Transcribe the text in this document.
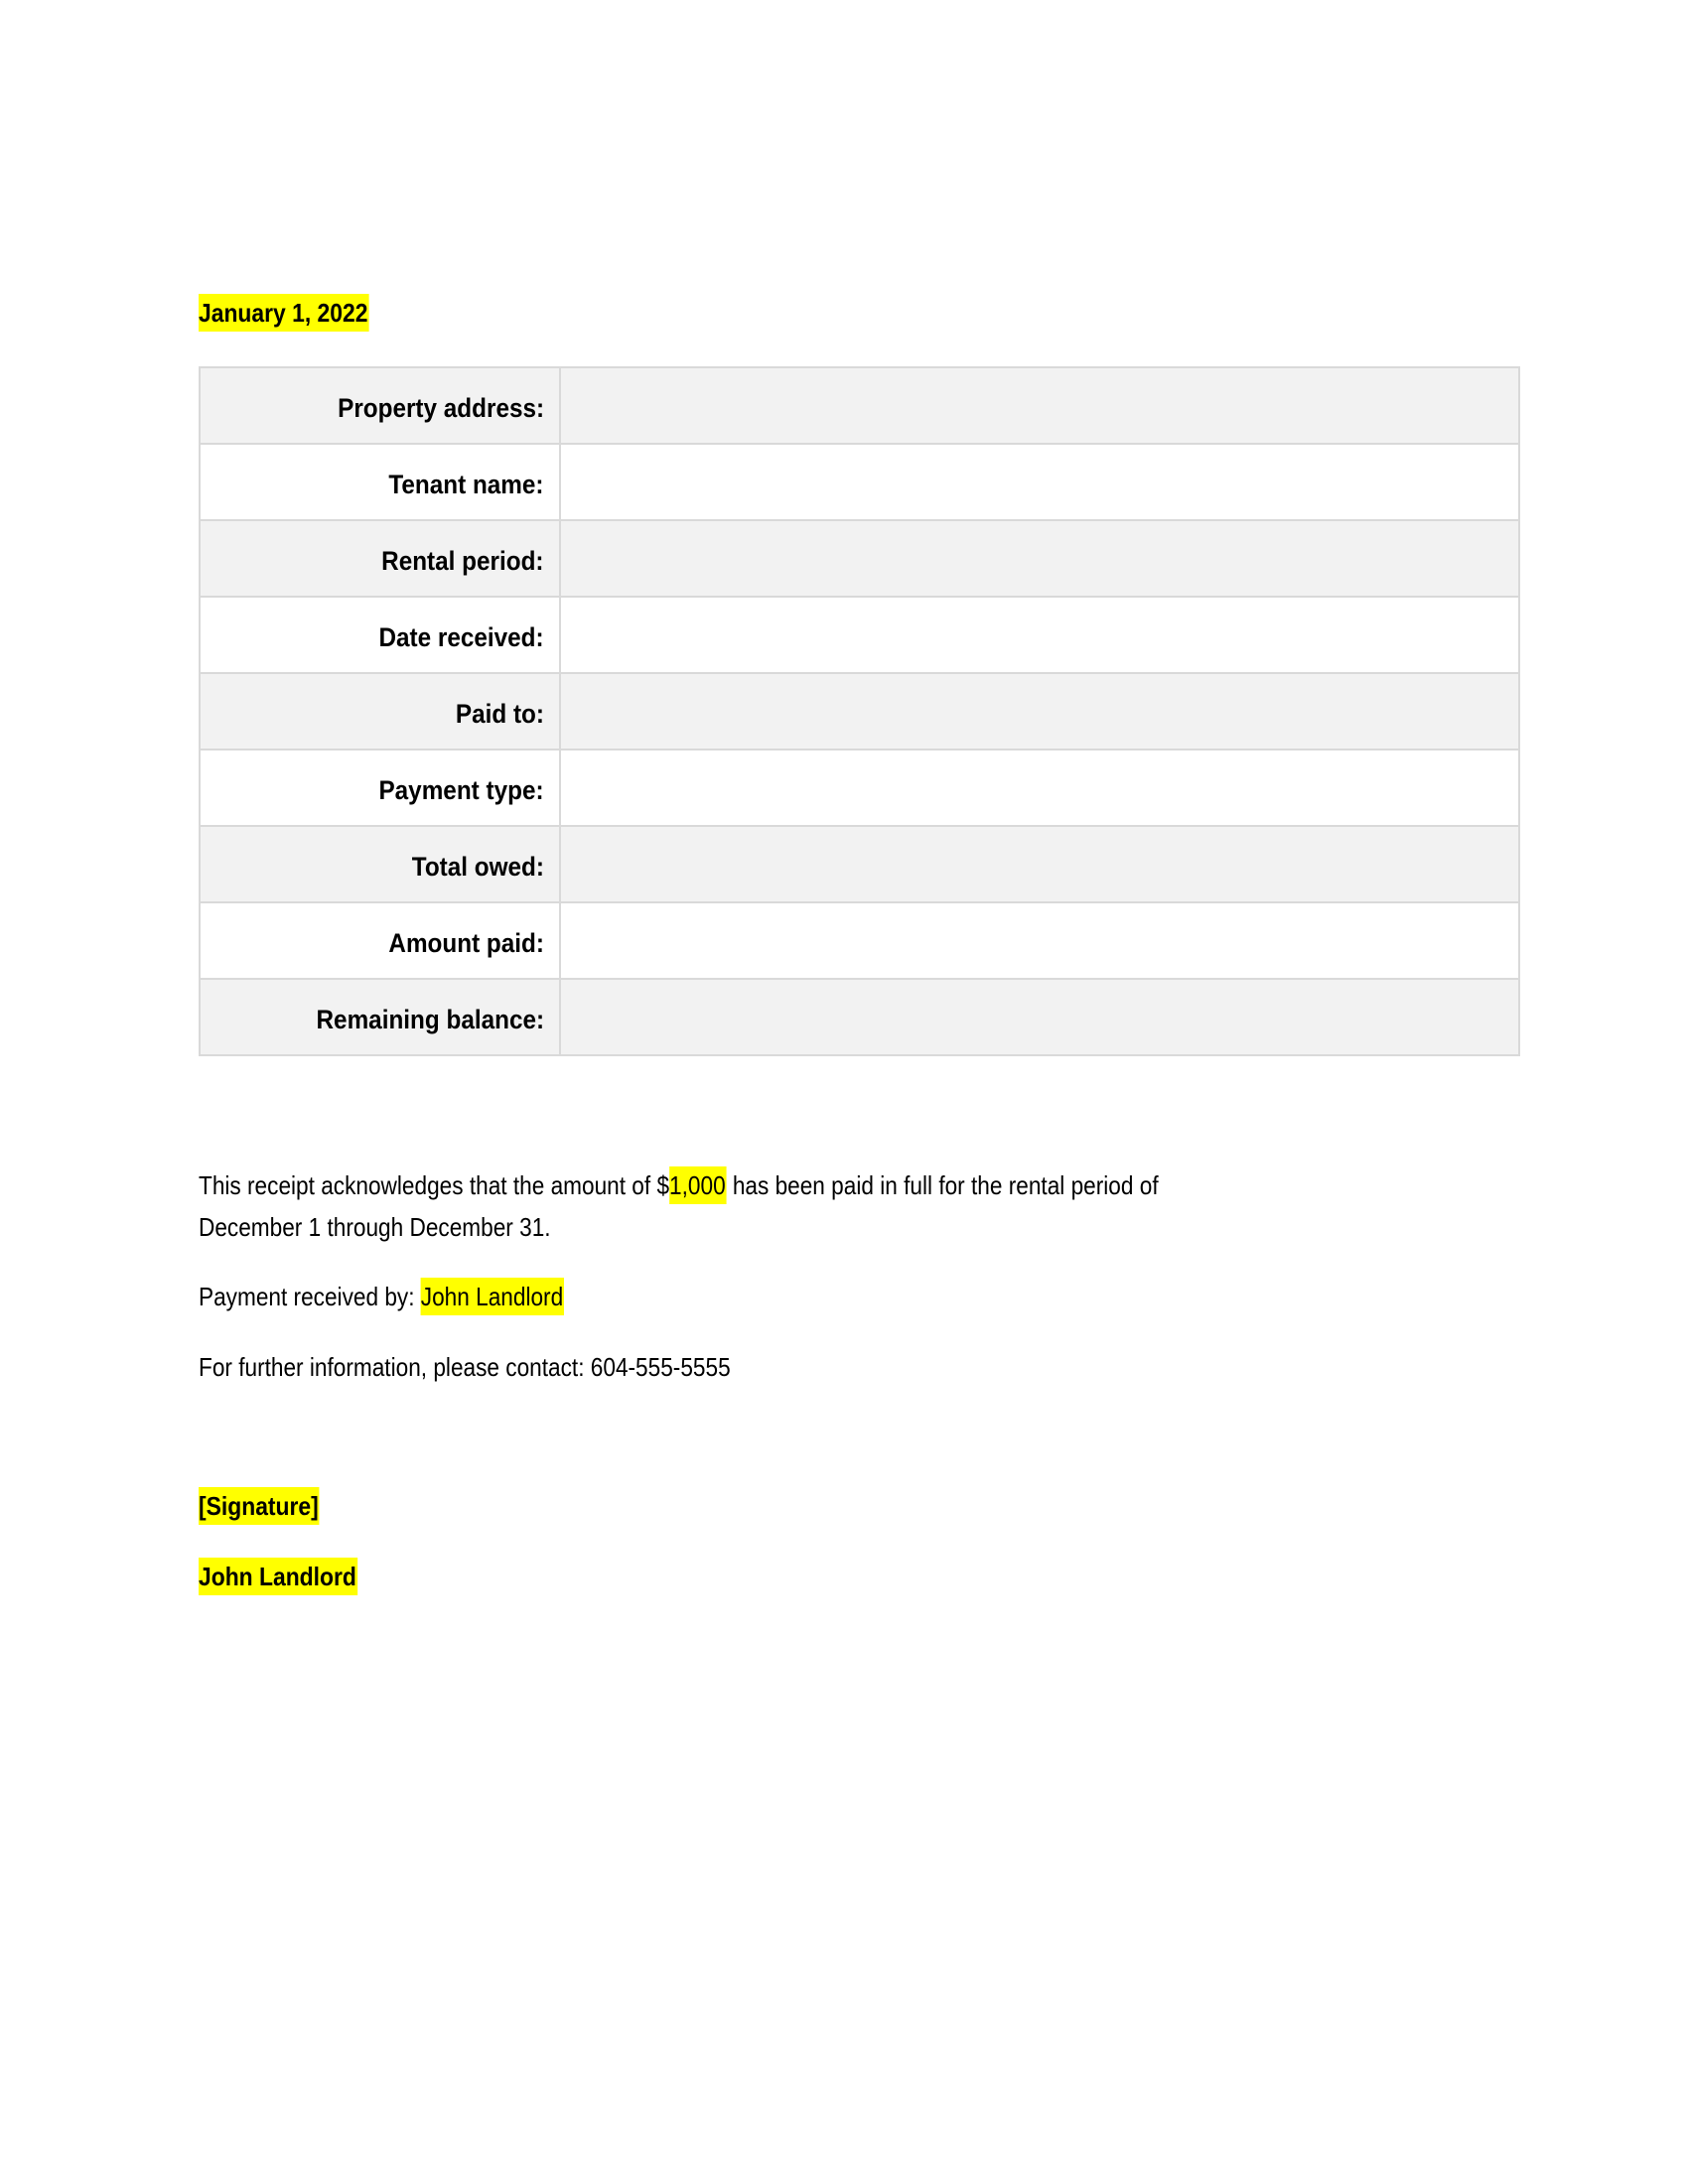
January 1, 2022
Property address:	
Tenant name:	
Rental period:	
Date received:	
Paid to:	
Payment type:	
Total owed:	
Amount paid:	
Remaining balance:	
This receipt acknowledges that the amount of $1,000 has been paid in full for the rental period of
December 1 through December 31.
Payment received by: John Landlord
For further information, please contact: 604-555-5555
[Signature]
John Landlord
